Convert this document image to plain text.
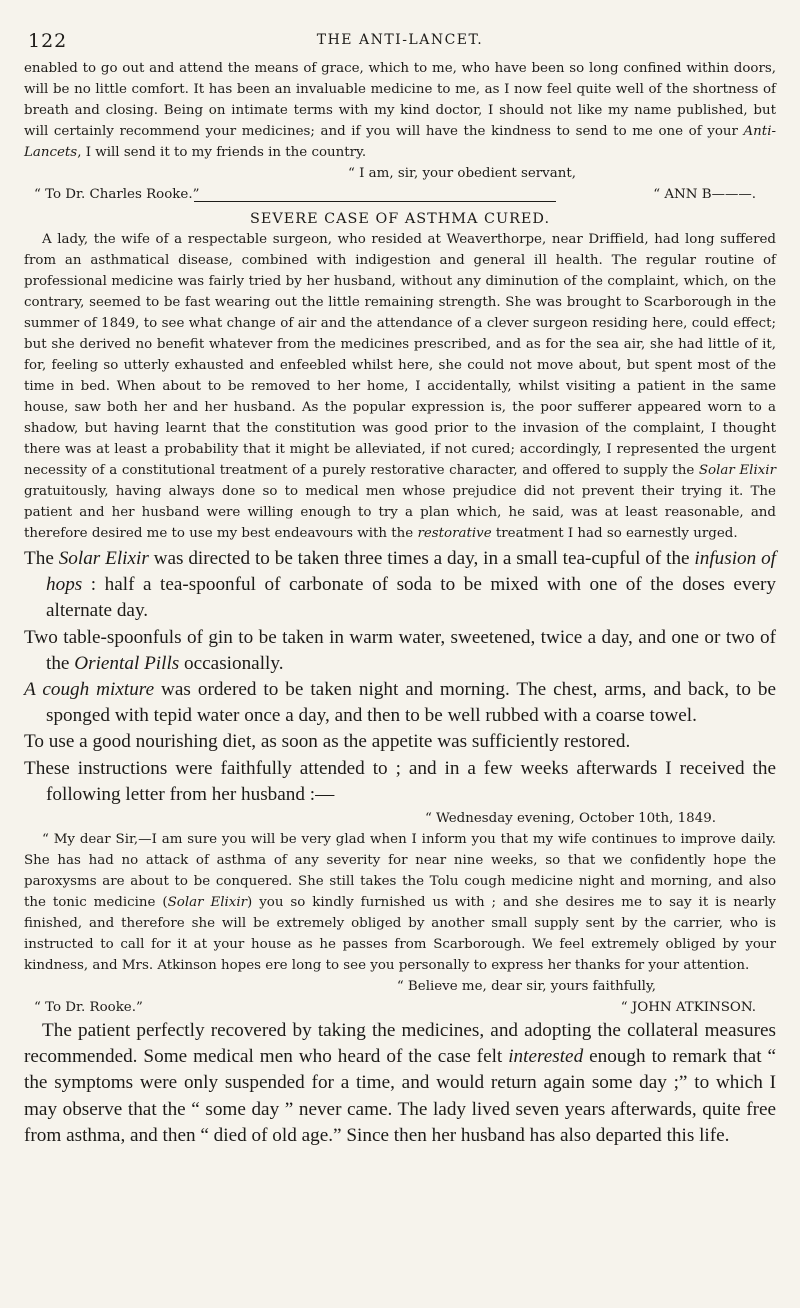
122	THE ANTI-LANCET.

enabled to go out and attend the means of grace, which to me, who have been so long confined within doors, will be no little comfort. It has been an invaluable medicine to me, as I now feel quite well of the shortness of breath and closing. Being on intimate terms with my kind doctor, I should not like my name published, but will certainly recommend your medicines; and if you will have the kindness to send to me one of your Anti-Lancets, I will send it to my friends in the country.

“ I am, sir, your obedient servant,

“ To Dr. Charles Rooke.”	“ ANN B———.

SEVERE CASE OF ASTHMA CURED.

A lady, the wife of a respectable surgeon, who resided at Weaverthorpe, near Driffield, had long suffered from an asthmatical disease, combined with indigestion and general ill health. The regular routine of professional medicine was fairly tried by her husband, without any diminution of the complaint, which, on the contrary, seemed to be fast wearing out the little remaining strength. She was brought to Scarborough in the summer of 1849, to see what change of air and the attendance of a clever surgeon residing here, could effect; but she derived no benefit whatever from the medicines prescribed, and as for the sea air, she had little of it, for, feeling so utterly exhausted and enfeebled whilst here, she could not move about, but spent most of the time in bed. When about to be removed to her home, I accidentally, whilst visiting a patient in the same house, saw both her and her husband. As the popular expression is, the poor sufferer appeared worn to a shadow, but having learnt that the constitution was good prior to the invasion of the complaint, I thought there was at least a probability that it might be alleviated, if not cured; accordingly, I represented the urgent necessity of a constitutional treatment of a purely restorative character, and offered to supply the Solar Elixir gratuitously, having always done so to medical men whose prejudice did not prevent their trying it. The patient and her husband were willing enough to try a plan which, he said, was at least reasonable, and therefore desired me to use my best endeavours with the restorative treatment I had so earnestly urged.

The Solar Elixir was directed to be taken three times a day, in a small tea-cupful of the infusion of hops : half a tea-spoonful of carbonate of soda to be mixed with one of the doses every alternate day.

Two table-spoonfuls of gin to be taken in warm water, sweetened, twice a day, and one or two of the Oriental Pills occasionally.

A cough mixture was ordered to be taken night and morning. The chest, arms, and back, to be sponged with tepid water once a day, and then to be well rubbed with a coarse towel.

To use a good nourishing diet, as soon as the appetite was sufficiently restored.

These instructions were faithfully attended to ; and in a few weeks afterwards I received the following letter from her husband :—

“ Wednesday evening, October 10th, 1849.

“ My dear Sir,—I am sure you will be very glad when I inform you that my wife continues to improve daily. She has had no attack of asthma of any severity for near nine weeks, so that we confidently hope the paroxysms are about to be conquered. She still takes the Tolu cough medicine night and morning, and also the tonic medicine (Solar Elixir) you so kindly furnished us with ; and she desires me to say it is nearly finished, and therefore she will be extremely obliged by another small supply sent by the carrier, who is instructed to call for it at your house as he passes from Scarborough. We feel extremely obliged by your kindness, and Mrs. Atkinson hopes ere long to see you personally to express her thanks for your attention.

“ Believe me, dear sir, yours faithfully,

“ To Dr. Rooke.”	“ JOHN ATKINSON.

The patient perfectly recovered by taking the medicines, and adopting the collateral measures recommended. Some medical men who heard of the case felt interested enough to remark that “ the symptoms were only suspended for a time, and would return again some day ;” to which I may observe that the “ some day ” never came. The lady lived seven years afterwards, quite free from asthma, and then “ died of old age.” Since then her husband has also departed this life.
